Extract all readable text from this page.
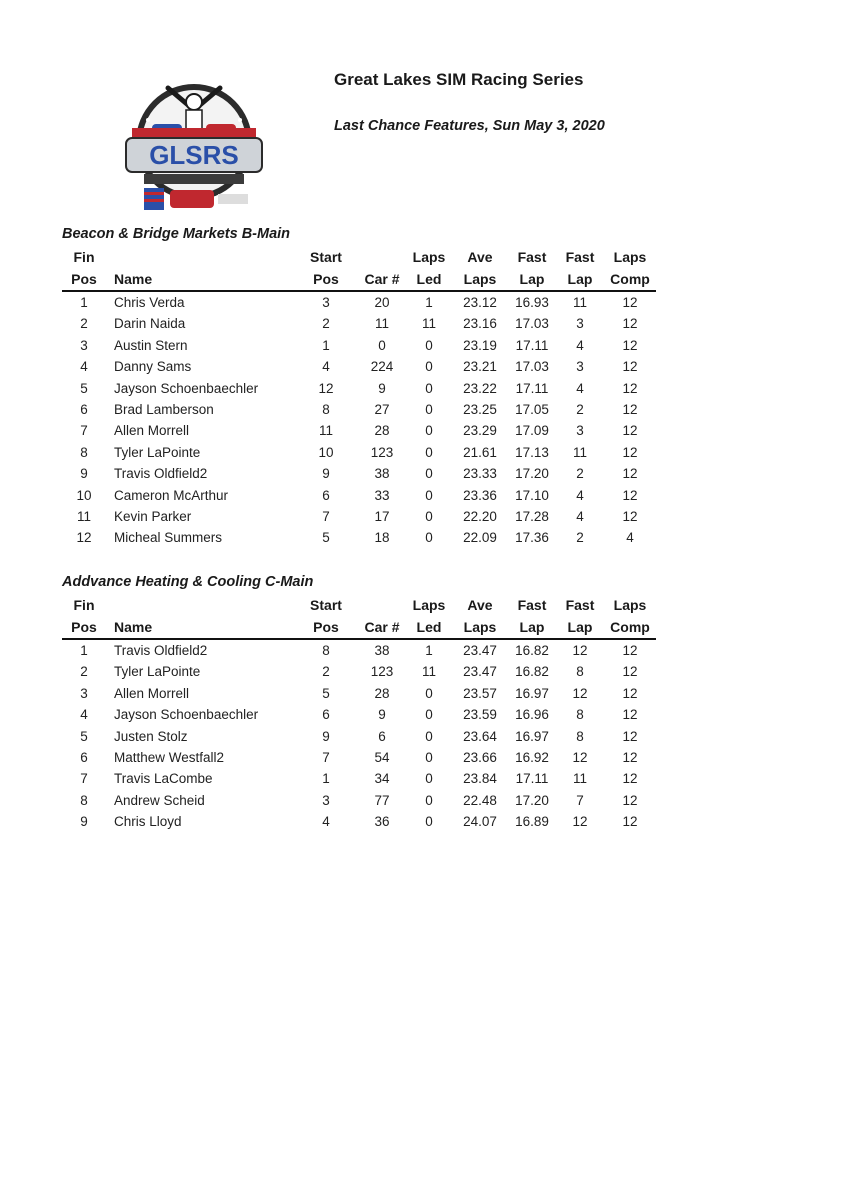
GLSRS
Great Lakes SIM Racing Series

Last Chance Features, Sun May 3, 2020

Beacon & Bridge Markets B-Main

Fin		Start		Laps	Ave	Fast	Fast	Laps
Pos	Name	Pos	Car #	Led	Laps	Lap	Lap	Comp
1	Chris Verda	3	20	1	23.12	16.93	11	12
2	Darin Naida	2	11	11	23.16	17.03	3	12
3	Austin Stern	1	0	0	23.19	17.11	4	12
4	Danny Sams	4	224	0	23.21	17.03	3	12
5	Jayson Schoenbaechler	12	9	0	23.22	17.11	4	12
6	Brad Lamberson	8	27	0	23.25	17.05	2	12
7	Allen Morrell	11	28	0	23.29	17.09	3	12
8	Tyler LaPointe	10	123	0	21.61	17.13	11	12
9	Travis Oldfield2	9	38	0	23.33	17.20	2	12
10	Cameron McArthur	6	33	0	23.36	17.10	4	12
11	Kevin Parker	7	17	0	22.20	17.28	4	12
12	Micheal Summers	5	18	0	22.09	17.36	2	4

Addvance Heating & Cooling C-Main

Fin		Start		Laps	Ave	Fast	Fast	Laps
Pos	Name	Pos	Car #	Led	Laps	Lap	Lap	Comp
1	Travis Oldfield2	8	38	1	23.47	16.82	12	12
2	Tyler LaPointe	2	123	11	23.47	16.82	8	12
3	Allen Morrell	5	28	0	23.57	16.97	12	12
4	Jayson Schoenbaechler	6	9	0	23.59	16.96	8	12
5	Justen Stolz	9	6	0	23.64	16.97	8	12
6	Matthew Westfall2	7	54	0	23.66	16.92	12	12
7	Travis LaCombe	1	34	0	23.84	17.11	11	12
8	Andrew Scheid	3	77	0	22.48	17.20	7	12
9	Chris Lloyd	4	36	0	24.07	16.89	12	12
